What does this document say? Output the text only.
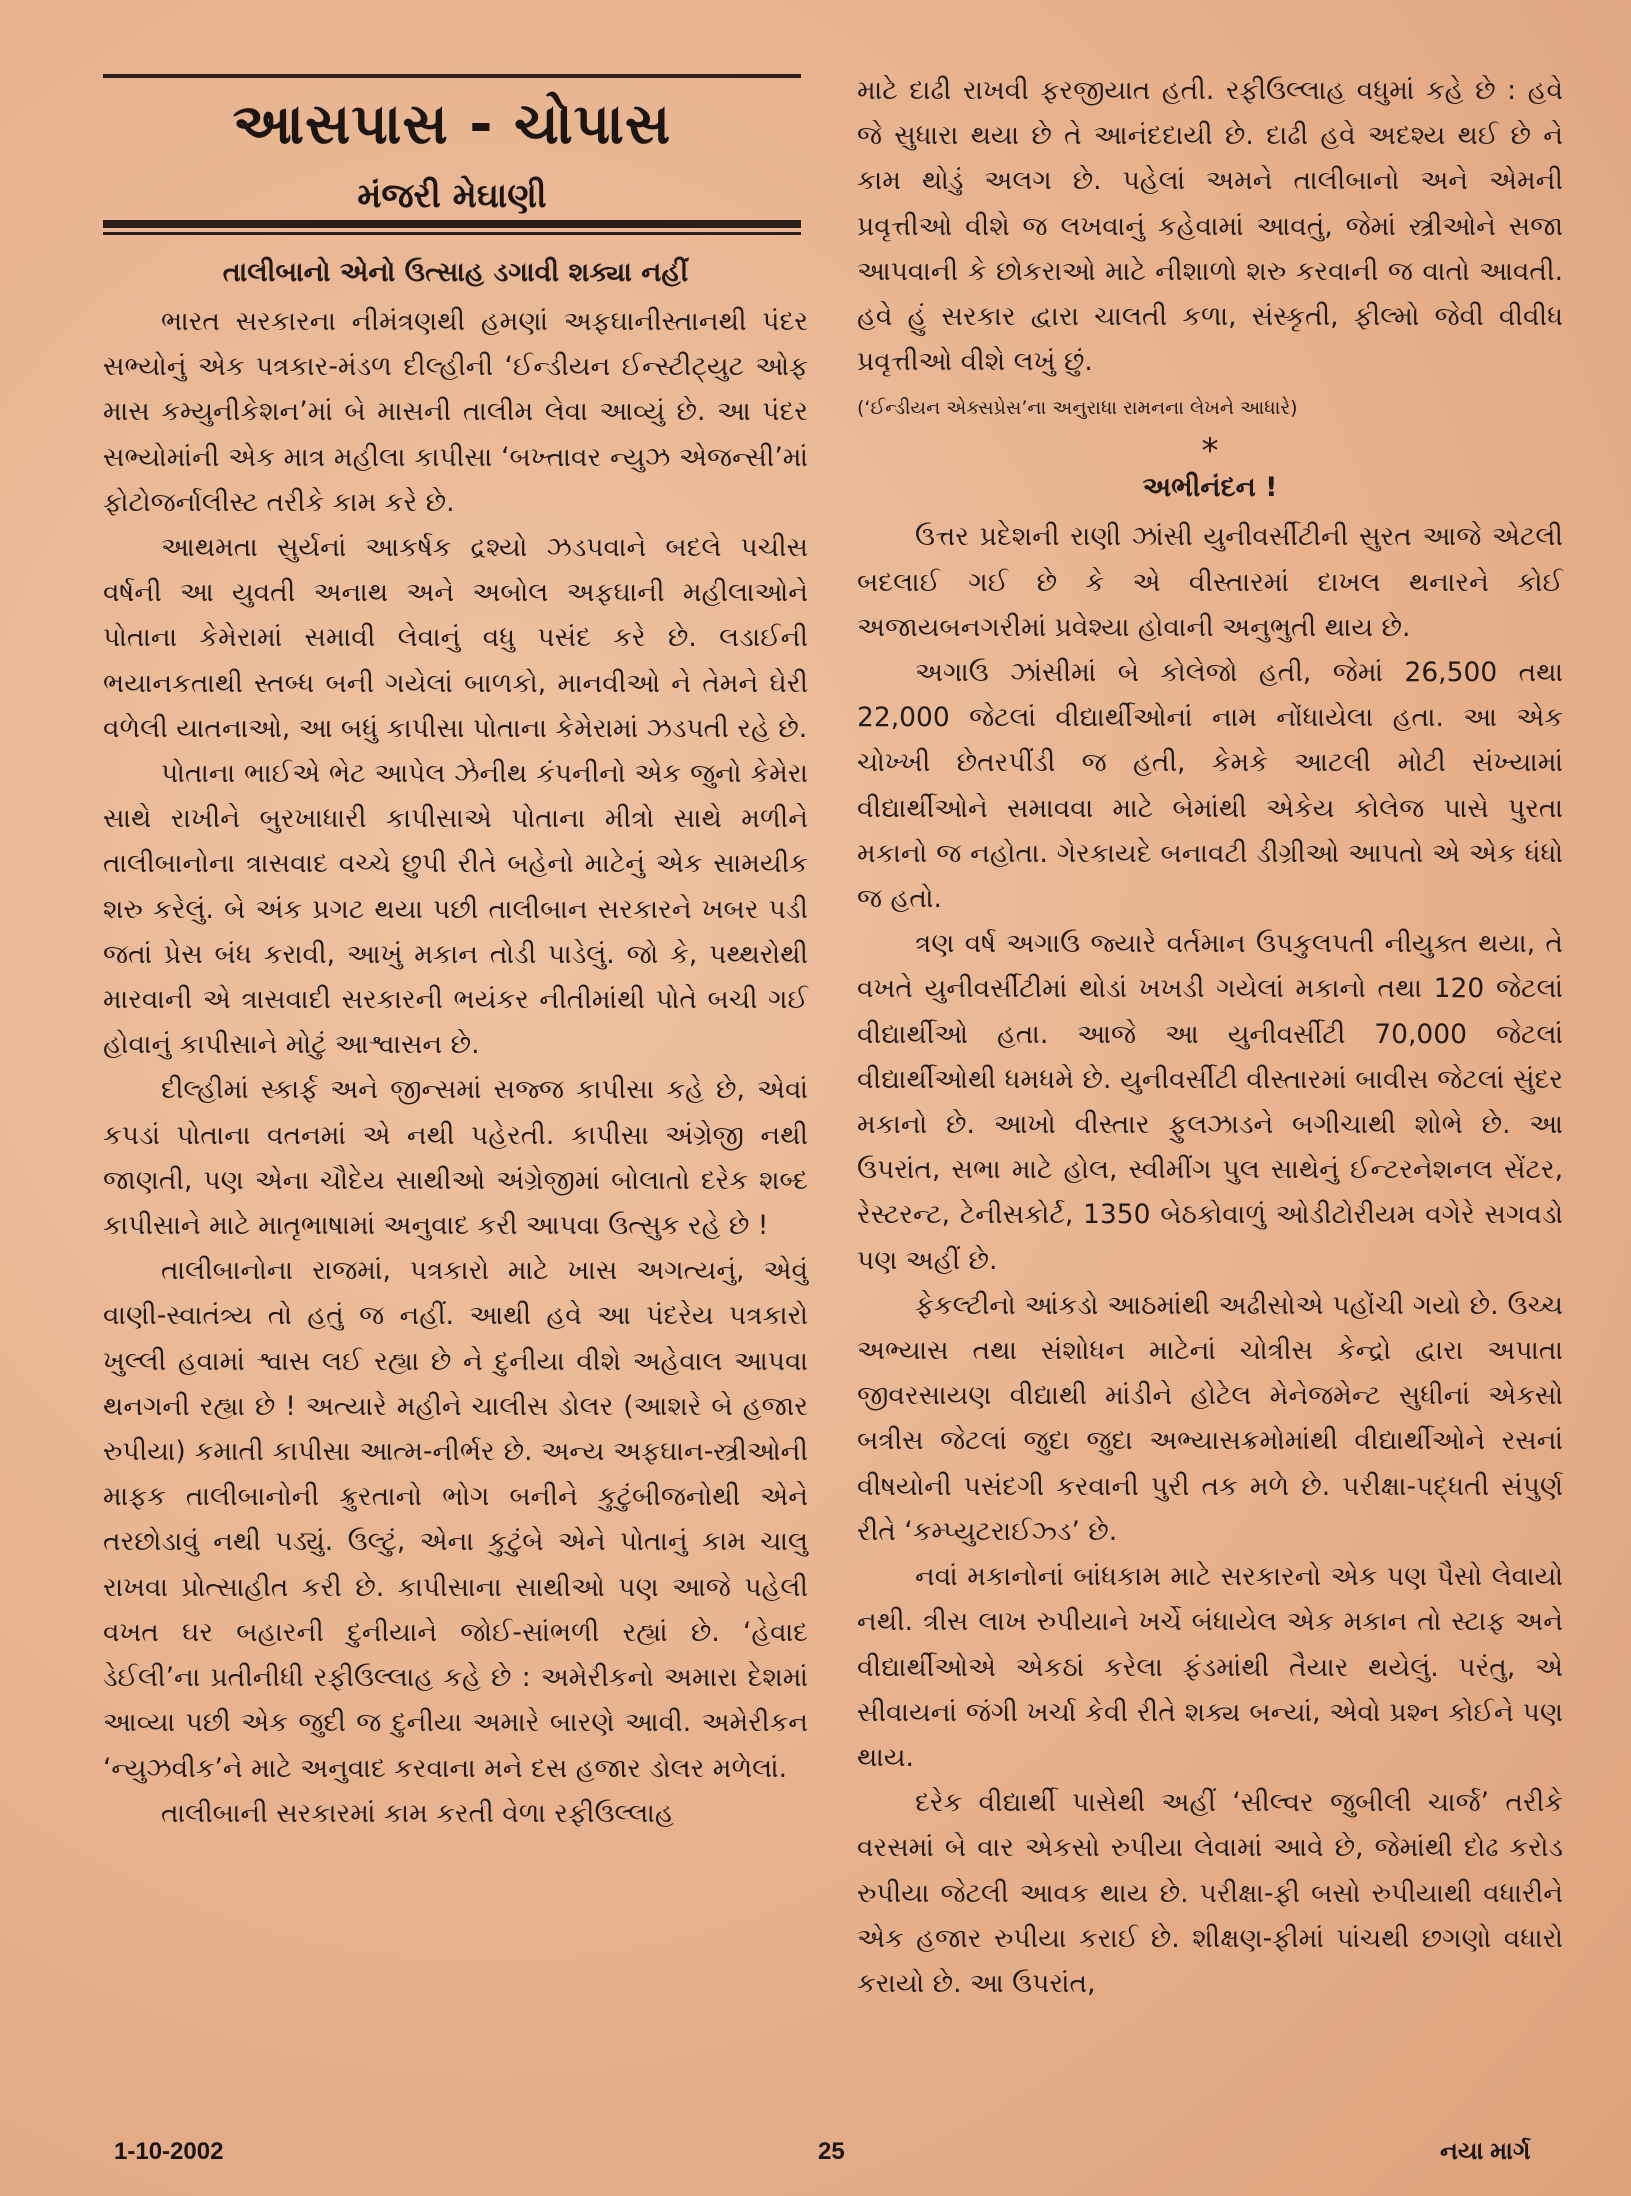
આસપાસ - ચોપાસ
મંજરી મેઘાણી
તાલીબાનો એનો ઉત્સાહ ડગાવી શક્યા નહીં

ભારત સરકારના નીમંત્રણથી હમણાં અફઘાનીસ્તાનથી પંદર સભ્યોનું એક પત્રકાર-મંડળ દીલ્હીની ‘ઈન્ડીયન ઈન્સ્ટીટ્યુટ ઓફ માસ કમ્યુનીકેશન’માં બે માસની તાલીમ લેવા આવ્યું છે. આ પંદર સભ્યોમાંની એક માત્ર મહીલા કાપીસા ‘બખ્તાવર ન્યુઝ એજન્સી’માં ફોટોજર્નાલીસ્ટ તરીકે કામ કરે છે.

આથમતા સુર્યનાં આકર્ષક દ્રશ્યો ઝડપવાને બદલે પચીસ વર્ષની આ યુવતી અનાથ અને અબોલ અફઘાની મહીલાઓને પોતાના કેમેરામાં સમાવી લેવાનું વધુ પસંદ કરે છે. લડાઈની ભયાનકતાથી સ્તબ્ધ બની ગયેલાં બાળકો, માનવીઓ ને તેમને ઘેરી વળેલી યાતનાઓ, આ બધું કાપીસા પોતાના કેમેરામાં ઝડપતી રહે છે.

પોતાના ભાઈએ ભેટ આપેલ ઝેનીથ કંપનીનો એક જુનો કેમેરા સાથે રાખીને બુરખાધારી કાપીસાએ પોતાના મીત્રો સાથે મળીને તાલીબાનોના ત્રાસવાદ વચ્ચે છુપી રીતે બહેનો માટેનું એક સામયીક શરુ કરેલું. બે અંક પ્રગટ થયા પછી તાલીબાન સરકારને ખબર પડી જતાં પ્રેસ બંધ કરાવી, આખું મકાન તોડી પાડેલું. જો કે, પથ્થરોથી મારવાની એ ત્રાસવાદી સરકારની ભયંકર નીતીમાંથી પોતે બચી ગઈ હોવાનું કાપીસાને મોટું આશ્વાસન છે.

દીલ્હીમાં સ્કાર્ફ અને જીન્સમાં સજ્જ કાપીસા કહે છે, એવાં કપડાં પોતાના વતનમાં એ નથી પહેરતી. કાપીસા અંગ્રેજી નથી જાણતી, પણ એના ચૌદેય સાથીઓ અંગ્રેજીમાં બોલાતો દરેક શબ્દ કાપીસાને માટે માતૃભાષામાં અનુવાદ કરી આપવા ઉત્સુક રહે છે !

તાલીબાનોના રાજમાં, પત્રકારો માટે ખાસ અગત્યનું, એવું વાણી-સ્વાતંત્ર્ય તો હતું જ નહીં. આથી હવે આ પંદરેય પત્રકારો ખુલ્લી હવામાં શ્વાસ લઈ રહ્યા છે ને દુનીયા વીશે અહેવાલ આપવા થનગની રહ્યા છે ! અત્યારે મહીને ચાલીસ ડોલર (આશરે બે હજાર રુપીયા) કમાતી કાપીસા આત્મ-નીર્ભર છે. અન્ય અફઘાન-સ્ત્રીઓની માફક તાલીબાનોની ક્રુરતાનો ભોગ બનીને કુટુંબીજનોથી એને તરછોડાવું નથી પડ્યું. ઉલ્ટું, એના કુટુંબે એને પોતાનું કામ ચાલુ રાખવા પ્રોત્સાહીત કરી છે. કાપીસાના સાથીઓ પણ આજે પહેલી વખત ઘર બહારની દુનીયાને જોઈ-સાંભળી રહ્યાં છે. ‘હેવાદ ડેઈલી’ના પ્રતીનીધી રફીઉલ્લાહ કહે છે : અમેરીકનો અમારા દેશમાં આવ્યા પછી એક જુદી જ દુનીયા અમારે બારણે આવી. અમેરીકન ‘ન્યુઝવીક’ને માટે અનુવાદ કરવાના મને દસ હજાર ડોલર મળેલાં.

તાલીબાની સરકારમાં કામ કરતી વેળા રફીઉલ્લાહ

માટે દાઢી રાખવી ફરજીયાત હતી. રફીઉલ્લાહ વધુમાં કહે છે : હવે જે સુધારા થયા છે તે આનંદદાયી છે. દાઢી હવે અદશ્ય થઈ છે ને કામ થોડું અલગ છે. પહેલાં અમને તાલીબાનો અને એમની પ્રવૃત્તીઓ વીશે જ લખવાનું કહેવામાં આવતું, જેમાં સ્ત્રીઓને સજા આપવાની કે છોકરાઓ માટે નીશાળો શરુ કરવાની જ વાતો આવતી. હવે હું સરકાર દ્વારા ચાલતી કળા, સંસ્કૃતી, ફીલ્મો જેવી વીવીધ પ્રવૃત્તીઓ વીશે લખું છું.

(‘ઈન્ડીયન એક્સપ્રેસ’ના અનુરાધા રામનના લેખને આધારે)
*
અભીનંદન !

ઉત્તર પ્રદેશની રાણી ઝાંસી યુનીવર્સીટીની સુરત આજે એટલી બદલાઈ ગઈ છે કે એ વીસ્તારમાં દાખલ થનારને કોઈ અજાયબનગરીમાં પ્રવેશ્યા હોવાની અનુભુતી થાય છે.

અગાઉ ઝાંસીમાં બે કોલેજો હતી, જેમાં 26,500 તથા 22,000 જેટલાં વીદ્યાર્થીઓનાં નામ નોંધાયેલા હતા. આ એક ચોખ્ખી છેતરપીંડી જ હતી, કેમકે આટલી મોટી સંખ્યામાં વીદ્યાર્થીઓને સમાવવા માટે બેમાંથી એકેય કોલેજ પાસે પુરતા મકાનો જ નહોતા. ગેરકાયદે બનાવટી ડીગ્રીઓ આપતો એ એક ધંધો જ હતો.

ત્રણ વર્ષ અગાઉ જ્યારે વર્તમાન ઉપકુલપતી નીયુક્ત થયા, તે વખતે યુનીવર્સીટીમાં થોડાં ખખડી ગયેલાં મકાનો તથા 120 જેટલાં વીદ્યાર્થીઓ હતા. આજે આ યુનીવર્સીટી 70,000 જેટલાં વીદ્યાર્થીઓથી ધમધમે છે. યુનીવર્સીટી વીસ્તારમાં બાવીસ જેટલાં સુંદર મકાનો છે. આખો વીસ્તાર ફુલઝાડને બગીચાથી શોભે છે. આ ઉપરાંત, સભા માટે હોલ, સ્વીમીંગ પુલ સાથેનું ઈન્ટરનેશનલ સેંટર, રેસ્ટરન્ટ, ટેનીસકોર્ટ, 1350 બેઠકોવાળું ઓડીટોરીયમ વગેરે સગવડો પણ અહીં છે.

ફેકલ્ટીનો આંકડો આઠમાંથી અઢીસોએ પહોંચી ગયો છે. ઉચ્ચ અભ્યાસ તથા સંશોધન માટેનાં ચોત્રીસ કેન્દ્રો દ્વારા અપાતા જીવરસાયણ વીદ્યાથી માંડીને હોટેલ મેનેજમેન્ટ સુધીનાં એકસો બત્રીસ જેટલાં જુદા જુદા અભ્યાસક્રમોમાંથી વીદ્યાર્થીઓને રસનાં વીષયોની પસંદગી કરવાની પુરી તક મળે છે. પરીક્ષા-પદ્ધતી સંપુર્ણ રીતે ‘કમ્પ્યુટરાઈઝ્ડ’ છે.

નવાં મકાનોનાં બાંધકામ માટે સરકારનો એક પણ પૈસો લેવાયો નથી. ત્રીસ લાખ રુપીયાને ખર્ચે બંધાયેલ એક મકાન તો સ્ટાફ અને વીદ્યાર્થીઓએ એકઠાં કરેલા ફંડમાંથી તૈયાર થયેલું. પરંતુ, એ સીવાયનાં જંગી ખર્ચા કેવી રીતે શક્ય બન્યાં, એવો પ્રશ્ન કોઈને પણ થાય.

દરેક વીદ્યાર્થી પાસેથી અહીં ‘સીલ્વર જુબીલી ચાર્જ’ તરીકે વરસમાં બે વાર એકસો રુપીયા લેવામાં આવે છે, જેમાંથી દોઢ કરોડ રુપીયા જેટલી આવક થાય છે. પરીક્ષા-ફી બસો રુપીયાથી વધારીને એક હજાર રુપીયા કરાઈ છે. શીક્ષણ-ફીમાં પાંચથી છગણો વધારો કરાયો છે. આ ઉપરાંત,

1-10-2002	25	નયા માર્ગ
